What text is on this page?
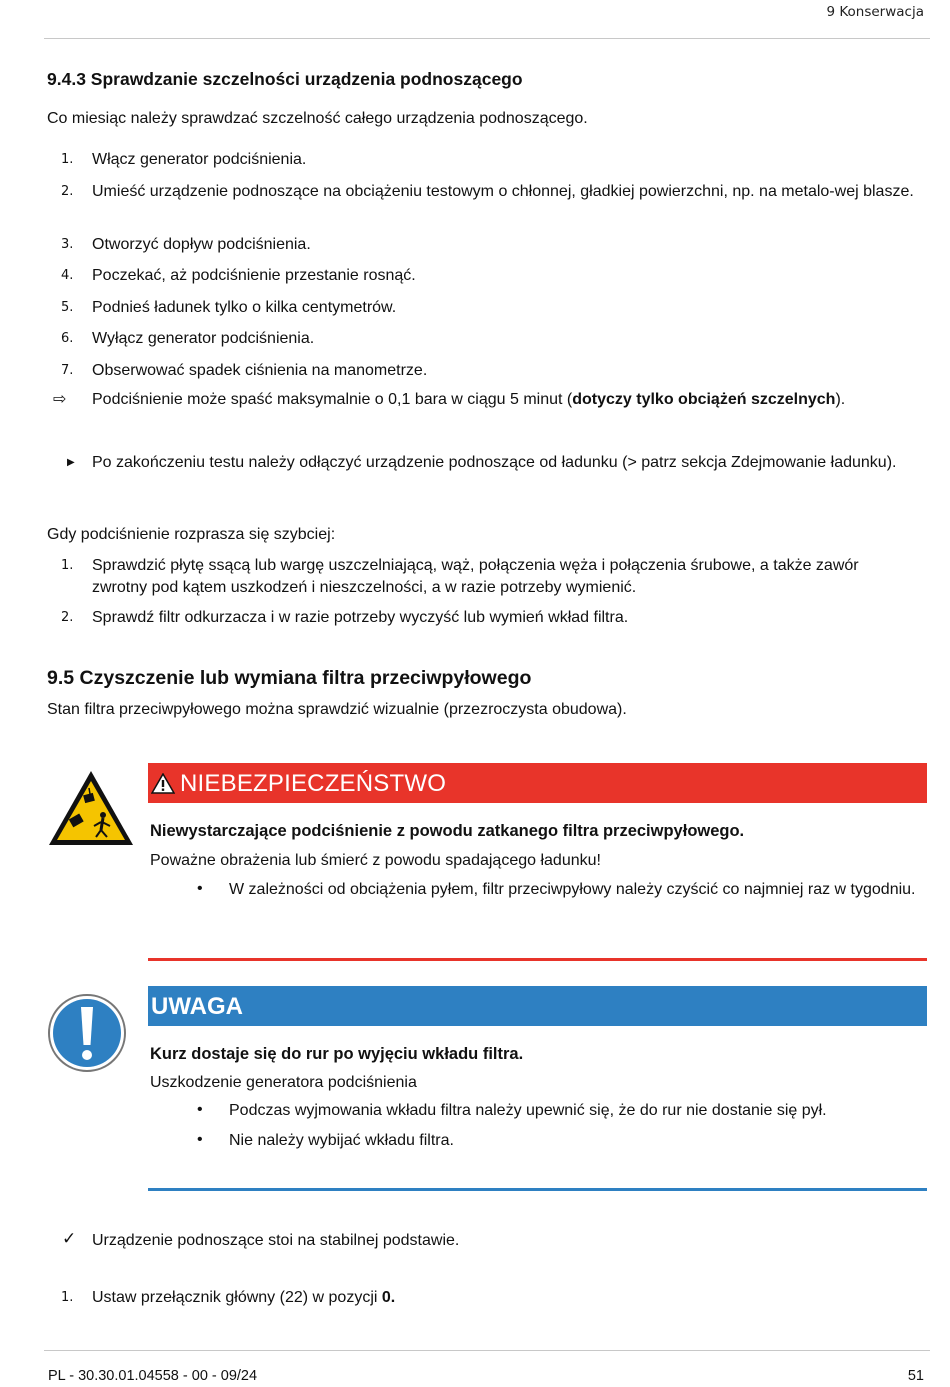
9 Konserwacja
9.4.3 Sprawdzanie szczelności urządzenia podnoszącego

Co miesiąc należy sprawdzać szczelność całego urządzenia podnoszącego.

1.	Włącz generator podciśnienia.
2.	Umieść urządzenie podnoszące na obciążeniu testowym o chłonnej, gładkiej powierzchni, np. na metalo-wej blasze.
3.	Otworzyć dopływ podciśnienia.
4.	Poczekać, aż podciśnienie przestanie rosnąć.
5.	Podnieś ładunek tylko o kilka centymetrów.
6.	Wyłącz generator podciśnienia.
7.	Obserwować spadek ciśnienia na manometrze.
⇨ Podciśnienie może spaść maksymalnie o 0,1 bara w ciągu 5 minut (dotyczy tylko obciążeń szczelnych).
▶ Po zakończeniu testu należy odłączyć urządzenie podnoszące od ładunku (> patrz sekcja Zdejmowanie ładunku).

Gdy podciśnienie rozprasza się szybciej:

1.	Sprawdzić płytę ssącą lub wargę uszczelniającą, wąż, połączenia węża i połączenia śrubowe, a także zawór zwrotny pod kątem uszkodzeń i nieszczelności, a w razie potrzeby wymienić.
2.	Sprawdź filtr odkurzacza i w razie potrzeby wyczyść lub wymień wkład filtra.
9.5 Czyszczenie lub wymiana filtra przeciwpyłowego

Stan filtra przeciwpyłowego można sprawdzić wizualnie (przezroczysta obudowa).

NIEBEZPIECZEŃSTWO

Niewystarczające podciśnienie z powodu zatkanego filtra przeciwpyłowego.

Poważne obrażenia lub śmierć z powodu spadającego ładunku!

• W zależności od obciążenia pyłem, filtr przeciwpyłowy należy czyścić co najmniej raz w tygodniu.

UWAGA

Kurz dostaje się do rur po wyjęciu wkładu filtra.

Uszkodzenie generatora podciśnienia

• Podczas wyjmowania wkładu filtra należy upewnić się, że do rur nie dostanie się pył.

• Nie należy wybijać wkładu filtra.

✓ Urządzenie podnoszące stoi na stabilnej podstawie.

1. Ustaw przełącznik główny (22) w pozycji 0.

PL - 30.30.01.04558 - 00 - 09/24	51
